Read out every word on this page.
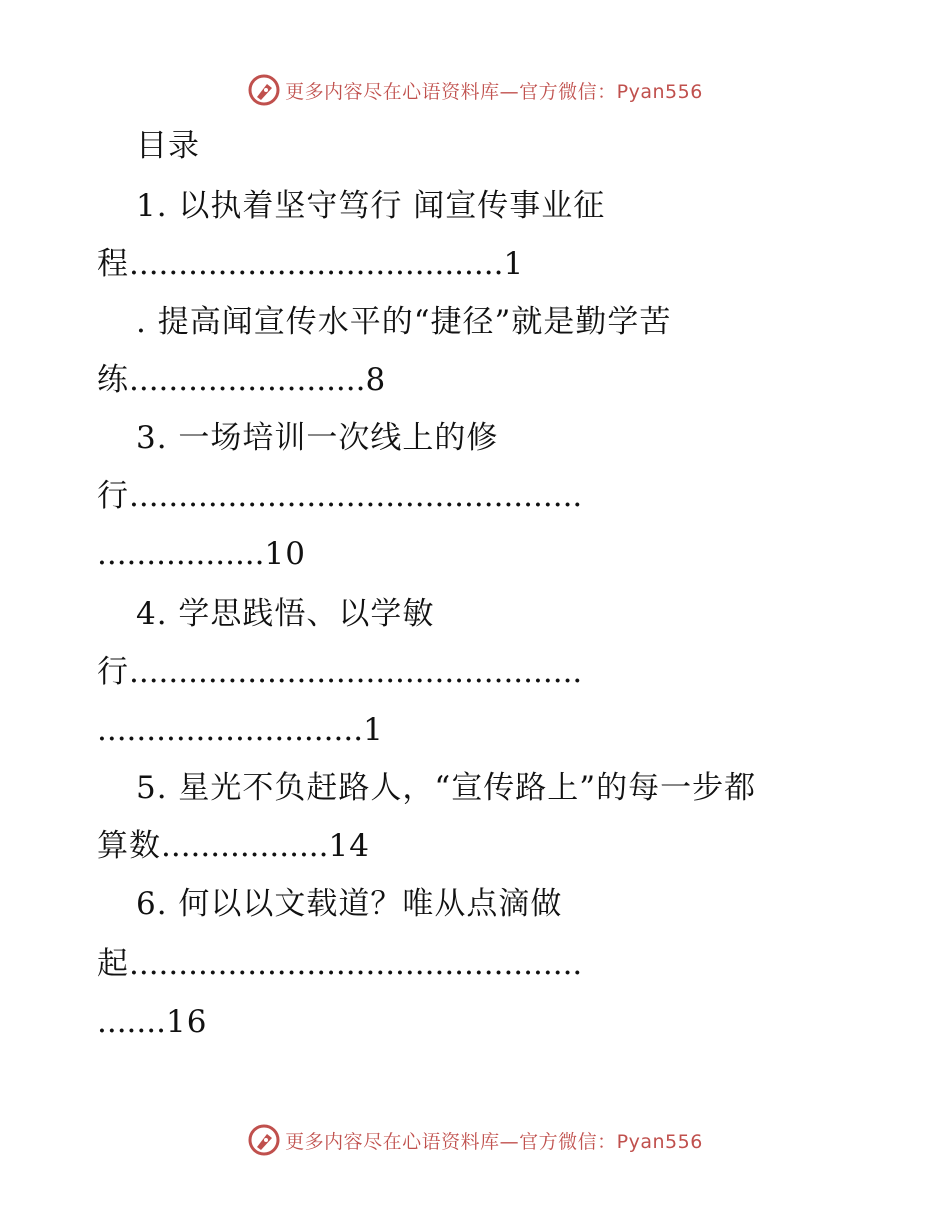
更多内容尽在心语资料库—官方微信：Pyan556
目录
1. 以执着坚守笃行 闻宣传事业征
程......................................1
. 提高闻宣传水平的“捷径”就是勤学苦
练........................8
3. 一场培训一次线上的修
行..............................................
.................10
4. 学思践悟、以学敏
行..............................................
...........................1
5. 星光不负赶路人，“宣传路上”的每一步都
算数.................14
6. 何以以文载道？唯从点滴做
起..............................................
.......16
更多内容尽在心语资料库—官方微信：Pyan556
